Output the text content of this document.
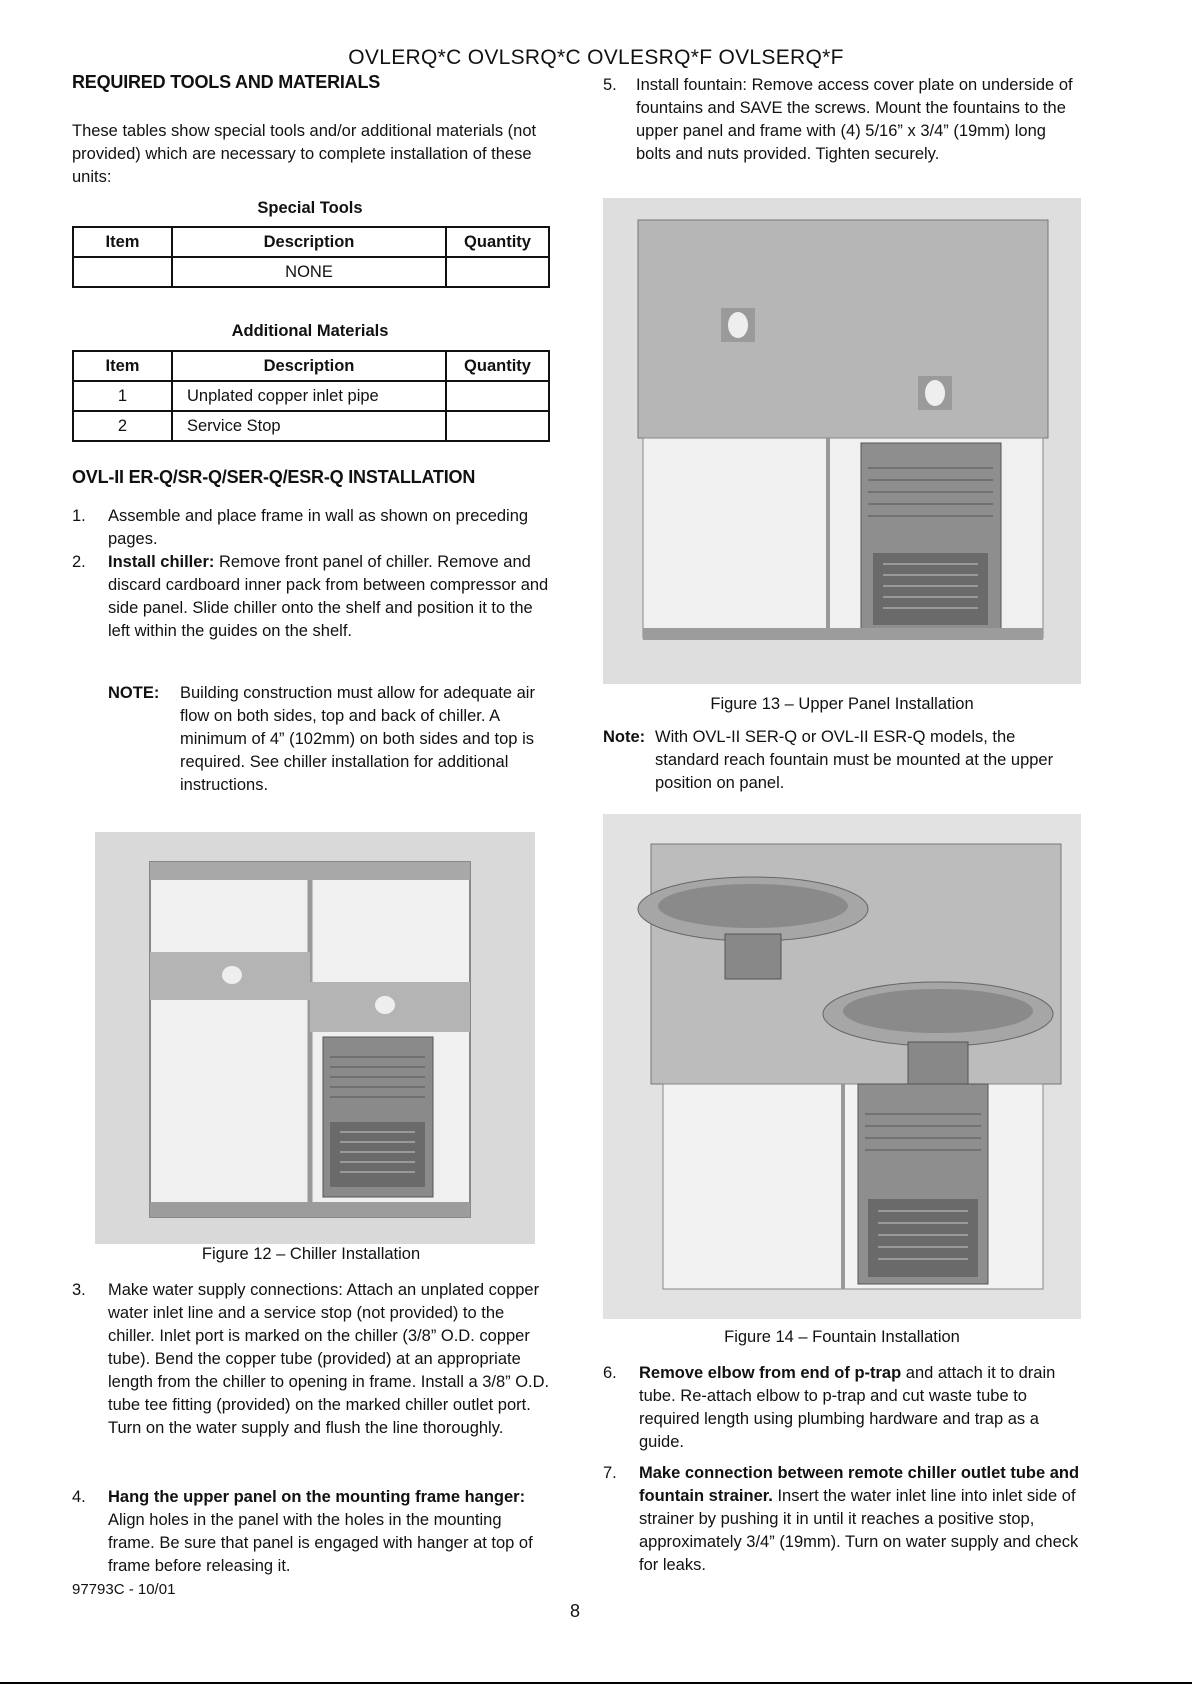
OVLERQ*C OVLSRQ*C OVLESRQ*F OVLSERQ*F
REQUIRED TOOLS AND MATERIALS

These tables show special tools and/or additional materials (not provided) which are necessary to complete installation of these units:

Special Tools
Item	Description	Quantity
	NONE	
Additional Materials
Item	Description	Quantity
1	Unplated copper inlet pipe	
2	Service Stop	
OVL-II ER-Q/SR-Q/SER-Q/ESR-Q INSTALLATION
1. Assemble and place frame in wall as shown on preceding pages.
2. Install chiller: Remove front panel of chiller. Remove and discard cardboard inner pack from between compressor and side panel. Slide chiller onto the shelf and position it to the left within the guides on the shelf.
NOTE: Building construction must allow for adequate air flow on both sides, top and back of chiller. A minimum of 4” (102mm) on both sides and top is required. See chiller installation for additional instructions.
Figure 12 – Chiller Installation
3. Make water supply connections: Attach an unplated copper water inlet line and a service stop (not provided) to the chiller. Inlet port is marked on the chiller (3/8” O.D. copper tube). Bend the copper tube (provided) at an appropriate length from the chiller to opening in frame. Install a 3/8” O.D. tube tee fitting (provided) on the marked chiller outlet port. Turn on the water supply and flush the line thoroughly.
4. Hang the upper panel on the mounting frame hanger: Align holes in the panel with the holes in the mounting frame. Be sure that panel is engaged with hanger at top of frame before releasing it.
97793C - 10/01
8
5. Install fountain: Remove access cover plate on underside of fountains and SAVE the screws. Mount the fountains to the upper panel and frame with (4) 5/16” x 3/4” (19mm) long bolts and nuts provided. Tighten securely.
Figure 13 – Upper Panel Installation
Note: With OVL-II SER-Q or OVL-II ESR-Q models, the standard reach fountain must be mounted at the upper position on panel.
Figure 14 – Fountain Installation
6. Remove elbow from end of p-trap and attach it to drain tube. Re-attach elbow to p-trap and cut waste tube to required length using plumbing hardware and trap as a guide.
7. Make connection between remote chiller outlet tube and fountain strainer. Insert the water inlet line into inlet side of strainer by pushing it in until it reaches a positive stop, approximately 3/4” (19mm). Turn on water supply and check for leaks.
